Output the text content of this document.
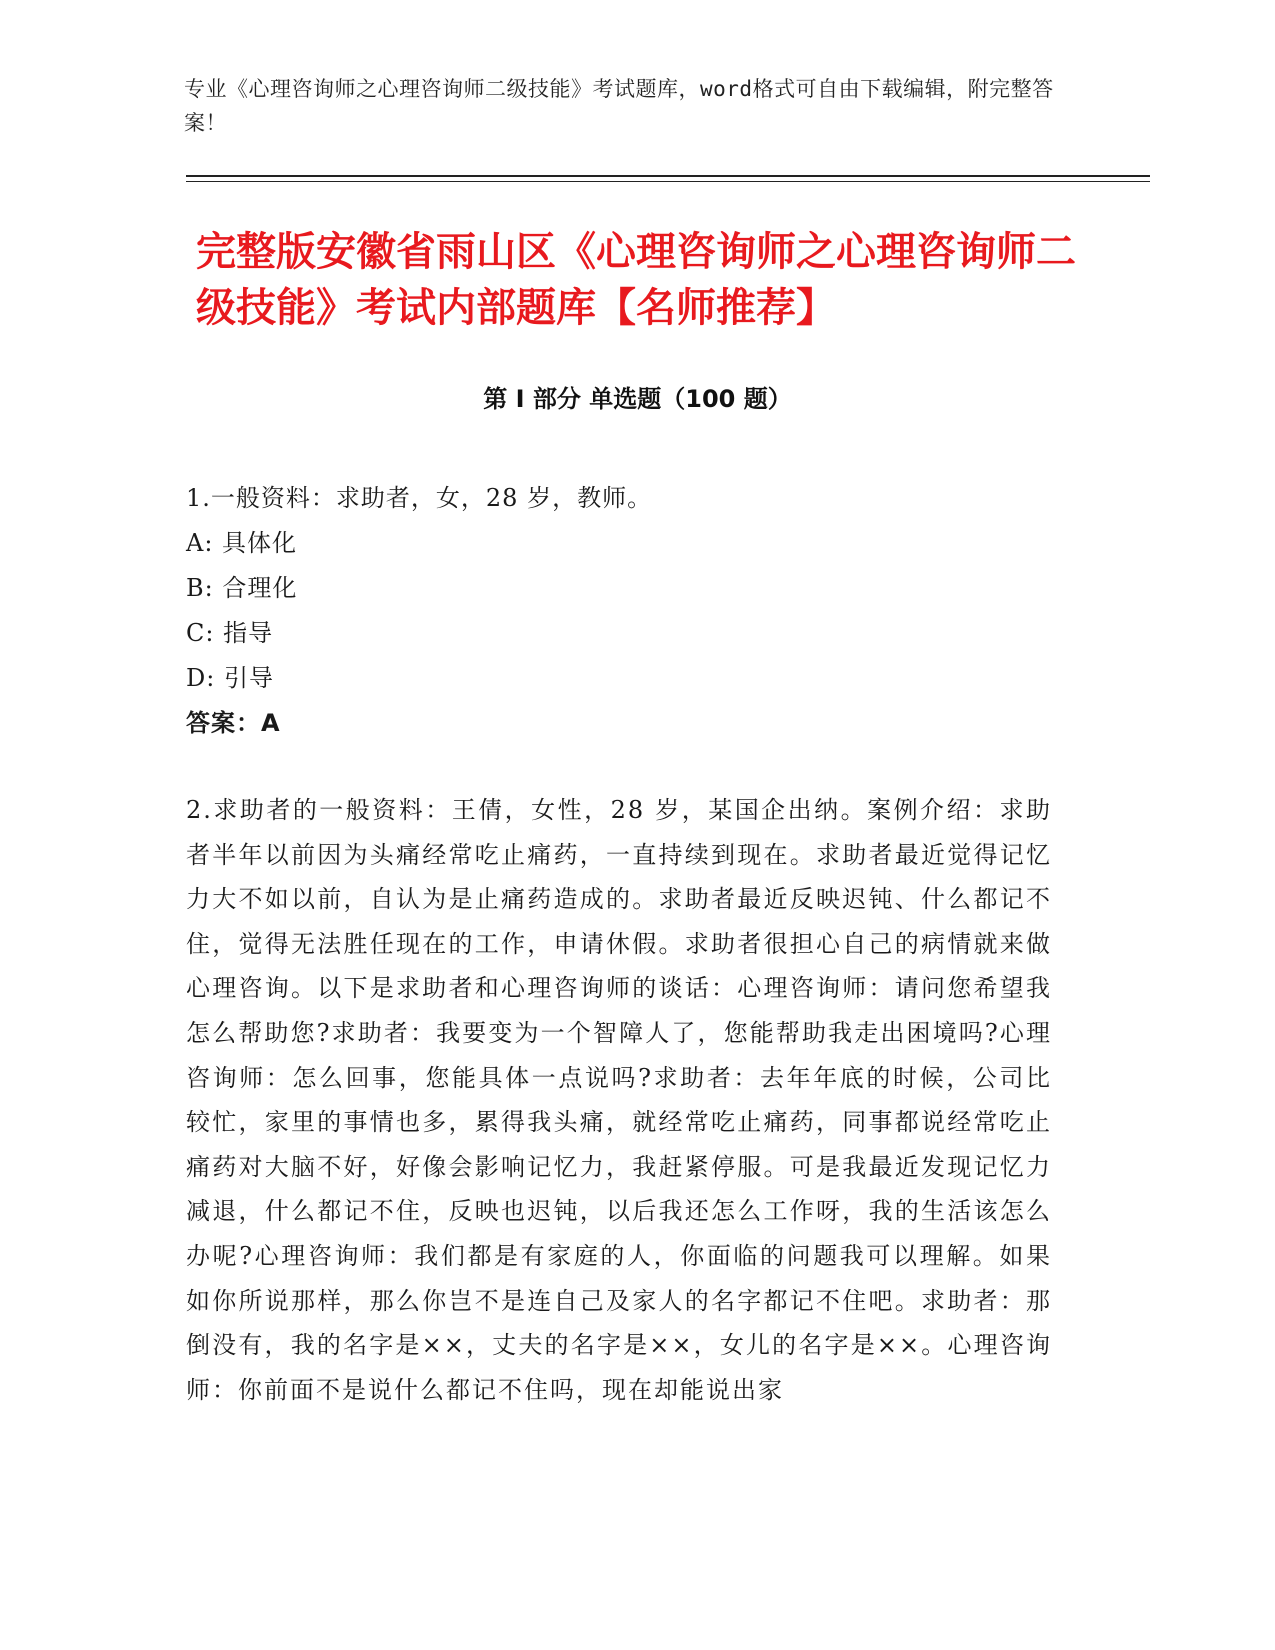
专业《心理咨询师之心理咨询师二级技能》考试题库，word格式可自由下载编辑，附完整答案！
完整版安徽省雨山区《心理咨询师之心理咨询师二级技能》考试内部题库【名师推荐】
第 I 部分 单选题（100 题）
1.一般资料：求助者，女，28 岁，教师。
A: 具体化
B: 合理化
C: 指导
D: 引导
答案：A
2.求助者的一般资料：王倩，女性，28 岁，某国企出纳。案例介绍：求助者半年以前因为头痛经常吃止痛药，一直持续到现在。求助者最近觉得记忆力大不如以前，自认为是止痛药造成的。求助者最近反映迟钝、什么都记不住，觉得无法胜任现在的工作，申请休假。求助者很担心自己的病情就来做心理咨询。以下是求助者和心理咨询师的谈话：心理咨询师：请问您希望我怎么帮助您?求助者：我要变为一个智障人了，您能帮助我走出困境吗?心理咨询师：怎么回事，您能具体一点说吗?求助者：去年年底的时候，公司比较忙，家里的事情也多，累得我头痛，就经常吃止痛药，同事都说经常吃止痛药对大脑不好，好像会影响记忆力，我赶紧停服。可是我最近发现记忆力减退，什么都记不住，反映也迟钝，以后我还怎么工作呀，我的生活该怎么办呢?心理咨询师：我们都是有家庭的人，你面临的问题我可以理解。如果如你所说那样，那么你岂不是连自己及家人的名字都记不住吧。求助者：那倒没有，我的名字是××，丈夫的名字是××，女儿的名字是××。心理咨询师：你前面不是说什么都记不住吗，现在却能说出家
